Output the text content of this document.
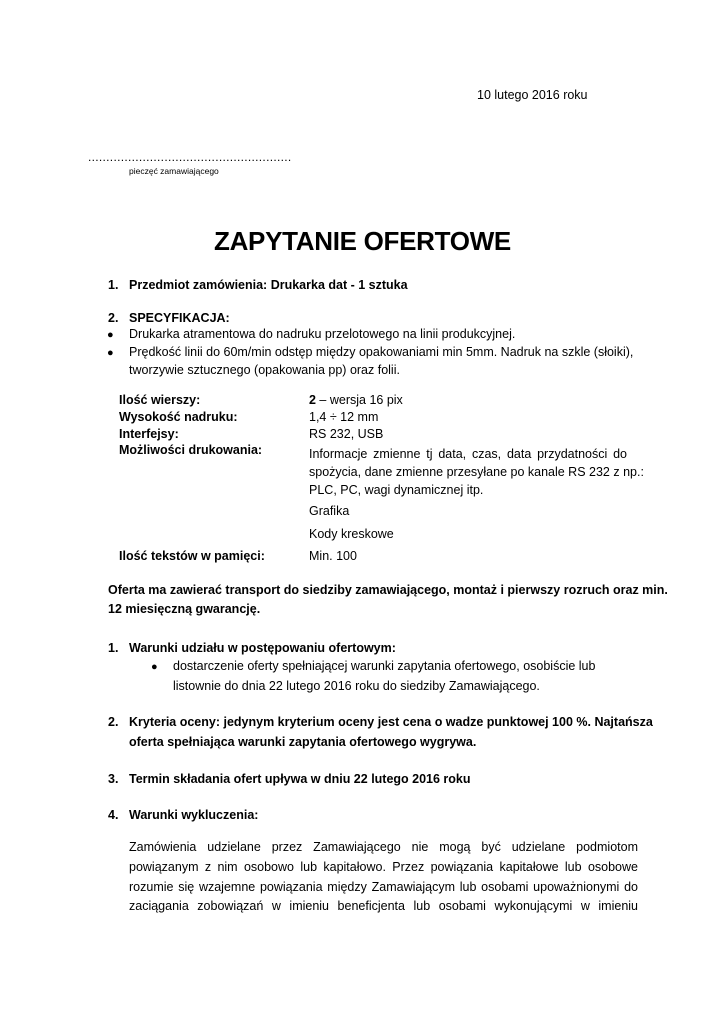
10 lutego 2016 roku
........................................................
pieczęć zamawiającego
ZAPYTANIE OFERTOWE
1. Przedmiot zamówienia: Drukarka dat - 1 sztuka
2. SPECYFIKACJA:
● Drukarka atramentowa do nadruku przelotowego na linii produkcyjnej.
● Prędkość linii do 60m/min odstęp między opakowaniami min 5mm. Nadruk na szkle (słoiki),
tworzywie sztucznego (opakowania pp) oraz folii.
Ilość wierszy:	2 – wersja 16 pix
Wysokość nadruku:	1,4 ÷ 12 mm
Interfejsy:	RS 232, USB
Możliwości drukowania:	Informacje zmienne tj data, czas, data przydatności do
spożycia, dane zmienne przesyłane po kanale RS 232 z np.:
PLC, PC, wagi dynamicznej itp.
Grafika
Kody kreskowe
Ilość tekstów w pamięci:	Min. 100
Oferta ma zawierać transport do siedziby zamawiającego, montaż i pierwszy rozruch oraz min.
12 miesięczną gwarancję.
1. Warunki udziału w postępowaniu ofertowym:
● dostarczenie oferty spełniającej warunki zapytania ofertowego, osobiście lub
listownie do dnia 22 lutego 2016 roku do siedziby Zamawiającego.
2. Kryteria oceny: jedynym kryterium oceny jest cena o wadze punktowej 100 %. Najtańsza
oferta spełniająca warunki zapytania ofertowego wygrywa.
3. Termin składania ofert upływa w dniu 22 lutego 2016 roku
4. Warunki wykluczenia:
Zamówienia udzielane przez Zamawiającego nie mogą być udzielane podmiotom
powiązanym z nim osobowo lub kapitałowo. Przez powiązania kapitałowe lub osobowe
rozumie się wzajemne powiązania między Zamawiającym lub osobami upoważnionymi do
zaciągania zobowiązań w imieniu beneficjenta lub osobami wykonującymi w imieniu
